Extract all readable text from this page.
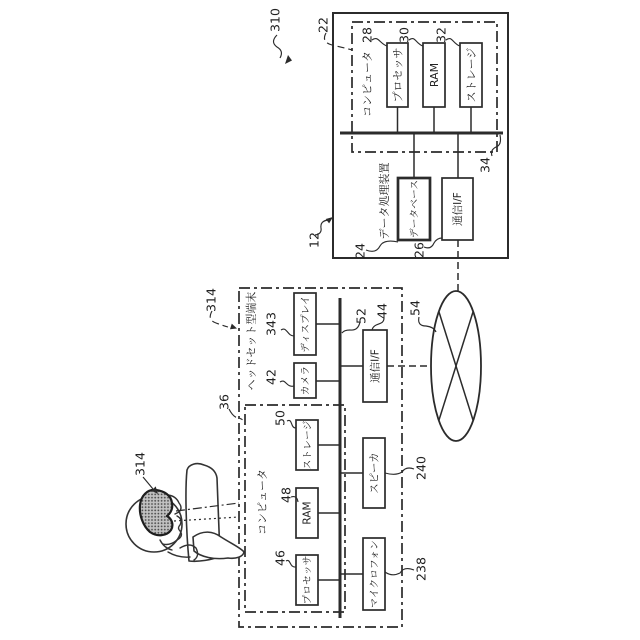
310
データ処理装置
コンピュータ プロセッサ RAM ストレージ
データベース	通信I/F
12
22
28 30 32
34
24	26
ヘッドセット型端末
コンピュータ
ディスプレイ
カメラ
ストレージ
RAM
プロセッサ
通信I/F
スピーカ
マイクロフォン
314
36
343
42
50
48
46
52 44
240
238
54
314
